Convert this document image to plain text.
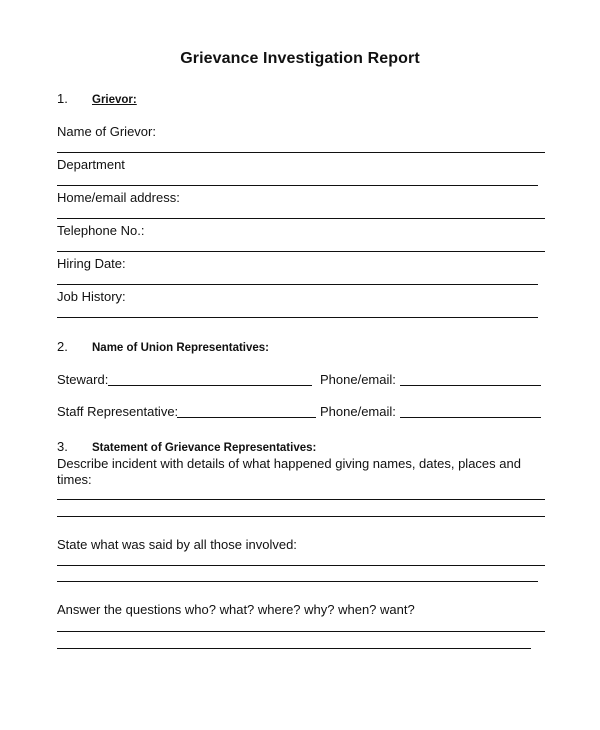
Grievance Investigation Report
1. Grievor:
Name of Grievor:
Department
Home/email address:
Telephone No.:
Hiring Date:
Job History:
2. Name of Union Representatives:
Steward:	Phone/email:
Staff Representative:	Phone/email:
3. Statement of Grievance Representatives:
Describe incident with details of what happened giving names, dates, places and
times:
State what was said by all those involved:
Answer the questions who? what? where? why? when? want?
